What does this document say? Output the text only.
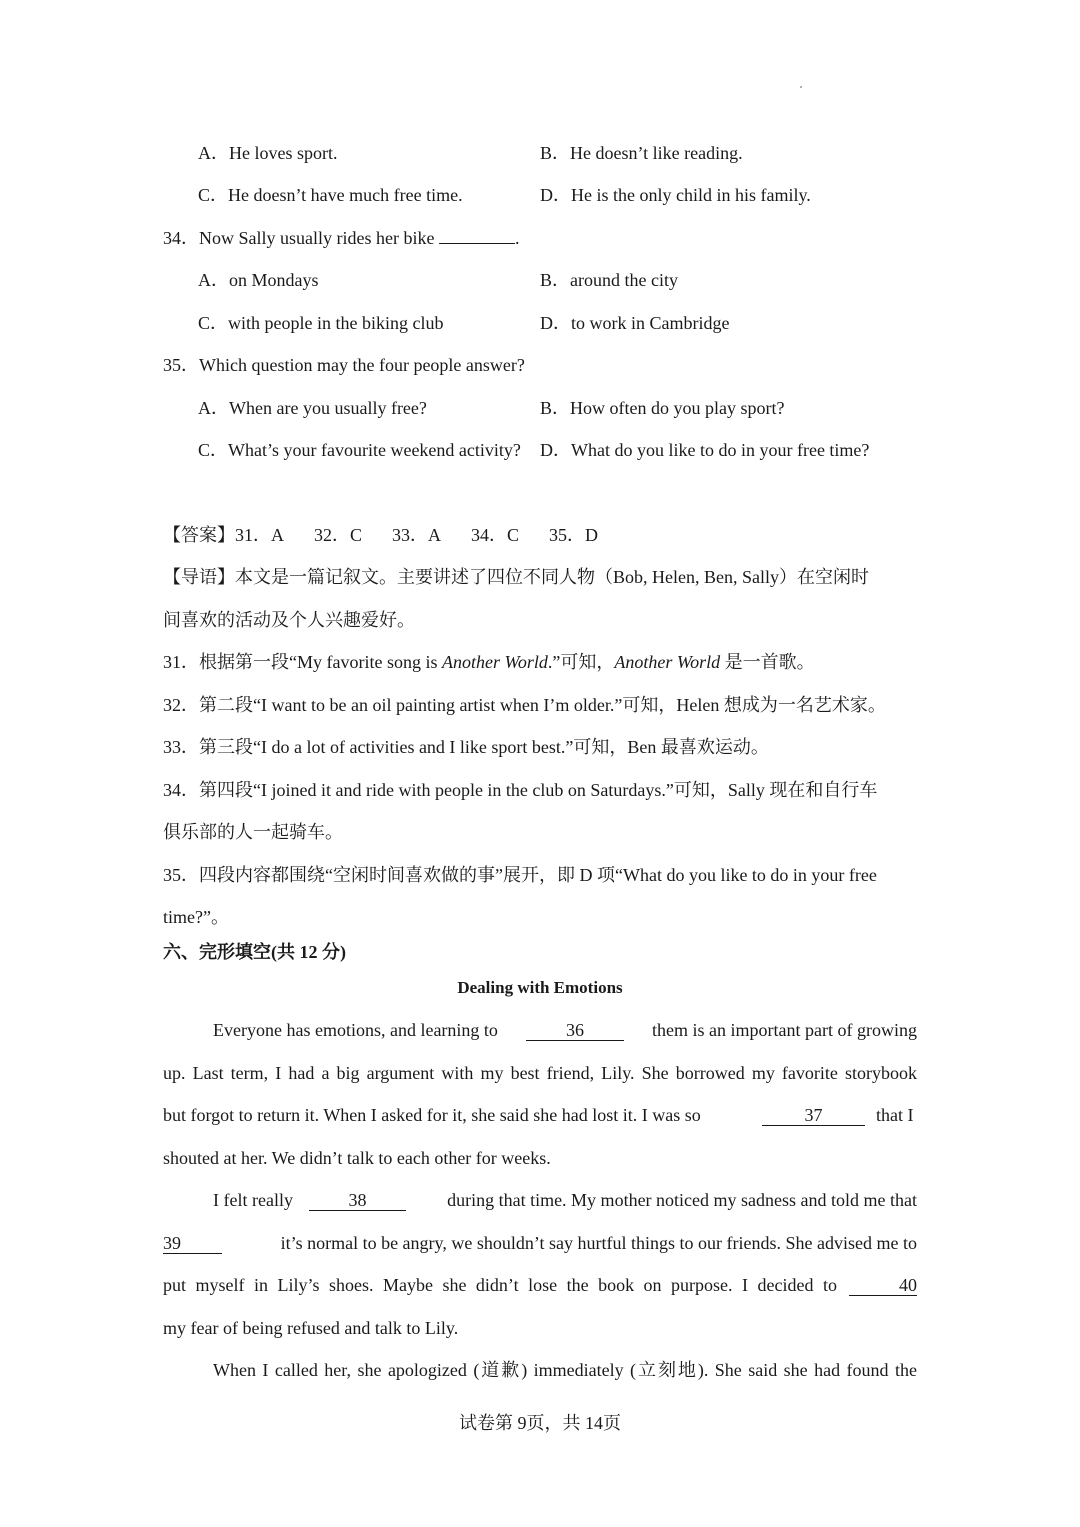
A．He loves sport.	B．He doesn’t like reading.
C．He doesn’t have much free time.	D．He is the only child in his family.
34．Now Sally usually rides her bike	.
A．on Mondays	B．around the city
C．with people in the biking club	D．to work in Cambridge
35．Which question may the four people answer?
A．When are you usually free?	B．How often do you play sport?
C．What’s your favourite weekend activity? D．What do you like to do in your free time?
【答案】31．A 32．C 33．A 34．C 35．D
【导语】本文是一篇记叙文。主要讲述了四位不同人物（Bob, Helen, Ben, Sally）在空闲时
间喜欢的活动及个人兴趣爱好。
31．根据第一段“My favorite song is Another World.”可知，Another World 是一首歌。
32．第二段“I want to be an oil painting artist when I’m older.”可知，Helen 想成为一名艺术家。
33．第三段“I do a lot of activities and I like sport best.”可知，Ben 最喜欢运动。
34．第四段“I joined it and ride with people in the club on Saturdays.”可知，Sally 现在和自行车
俱乐部的人一起骑车。
35．四段内容都围绕“空闲时间喜欢做的事”展开，即 D 项“What do you like to do in your free
time?”。
六、完形填空(共 12 分)
Dealing with Emotions
Everyone has emotions, and learning to	36	them is an important part of growing
up. Last term, I had a big argument with my best friend, Lily. She borrowed my favorite storybook
but forgot to return it. When I asked for it, she said she had lost it. I was so	37	that I
shouted at her. We didn’t talk to each other for weeks.
I felt really	38	during that time. My mother noticed my sadness and told me that
39	it’s normal to be angry, we shouldn’t say hurtful things to our friends. She advised me to
put myself in Lily’s shoes. Maybe she didn’t lose the book on purpose. I decided to	40
my fear of being refused and talk to Lily.
When I called her, she apologized (道歉) immediately (立刻地). She said she had found the
试卷第 9页，共 14页
